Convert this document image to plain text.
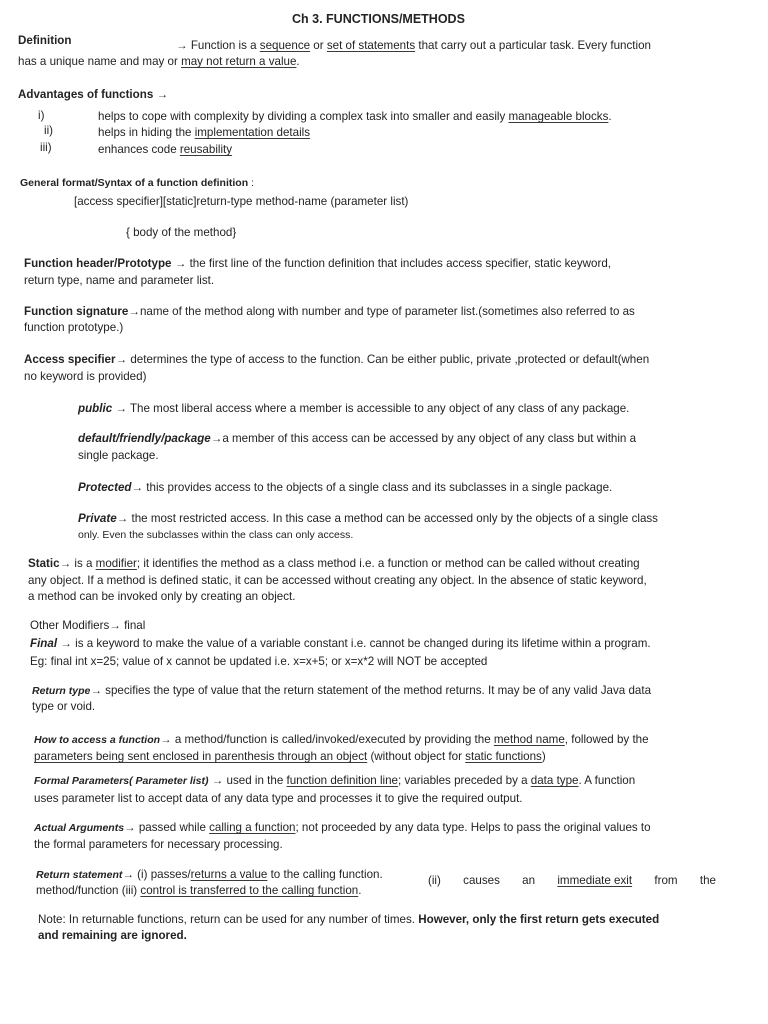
Ch 3. FUNCTIONS/METHODS
Definition	→ Function is a sequence or set of statements that carry out a particular task. Every function
has a unique name and may or may not return a value.
Advantages of functions →
i)	helps to cope with complexity by dividing a complex task into smaller and easily manageable blocks.
ii)	helps in hiding the implementation details
iii)	enhances code reusability
General format/Syntax of a function definition :
[access specifier][static]return-type method-name (parameter list)
{ body of the method}
Function header/Prototype → the first line of the function definition that includes access specifier, static keyword,
return type, name and parameter list.
Function signature→name of the method along with number and type of parameter list.(sometimes also referred to as
function prototype.)
Access specifier→ determines the type of access to the function. Can be either public, private ,protected or default(when
no keyword is provided)
public → The most liberal access where a member is accessible to any object of any class of any package.
default/friendly/package→a member of this access can be accessed by any object of any class but within a
single package.
Protected→ this provides access to the objects of a single class and its subclasses in a single package.
Private→ the most restricted access. In this case a method can be accessed only by the objects of a single class
only. Even the subclasses within the class can only access.
Static→ is a modifier; it identifies the method as a class method i.e. a function or method can be called without creating
any object. If a method is defined static, it can be accessed without creating any object. In the absence of static keyword,
a method can be invoked only by creating an object.
Other Modifiers→ final
Final → is a keyword to make the value of a variable constant i.e. cannot be changed during its lifetime within a program.
Eg: final int x=25; value of x cannot be updated i.e. x=x+5; or x=x*2 will NOT be accepted
Return type→ specifies the type of value that the return statement of the method returns. It may be of any valid Java data
type or void.
How to access a function→ a method/function is called/invoked/executed by providing the method name, followed by the
parameters being sent enclosed in parenthesis through an object (without object for static functions)
Formal Parameters( Parameter list) → used in the function definition line; variables preceded by a data type. A function
uses parameter list to accept data of any data type and processes it to give the required output.
Actual Arguments→ passed while calling a function; not proceeded by any data type. Helps to pass the original values to
the formal parameters for necessary processing.
Return statement→ (i) passes/returns a value to the calling function.	(ii) causes an immediate exit from the
method/function (iii) control is transferred to the calling function.
Note: In returnable functions, return can be used for any number of times. However, only the first return gets executed
and remaining are ignored.
